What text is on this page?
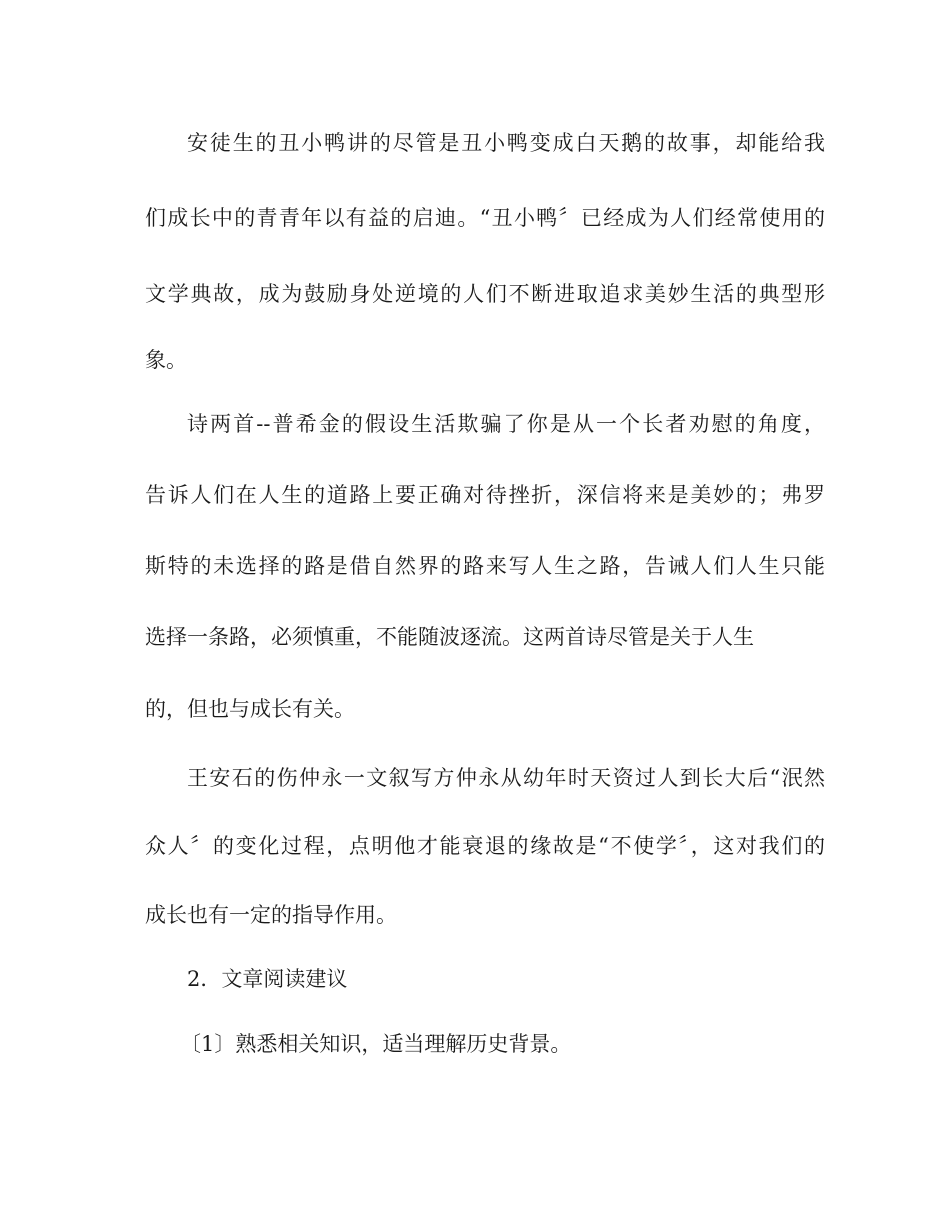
安徒生的丑小鸭讲的尽管是丑小鸭变成白天鹅的故事，却能给我
们成长中的青青年以有益的启迪。“丑小鸭〞已经成为人们经常使用的
文学典故，成为鼓励身处逆境的人们不断进取追求美妙生活的典型形
象。
诗两首--普希金的假设生活欺骗了你是从一个长者劝慰的角度，
告诉人们在人生的道路上要正确对待挫折，深信将来是美妙的；弗罗
斯特的未选择的路是借自然界的路来写人生之路，告诫人们人生只能
选择一条路，必须慎重，不能随波逐流。这两首诗尽管是关于人生
的，但也与成长有关。
王安石的伤仲永一文叙写方仲永从幼年时天资过人到长大后“泯然
众人〞的变化过程，点明他才能衰退的缘故是“不使学〞，这对我们的
成长也有一定的指导作用。
2．文章阅读建议
〔1〕熟悉相关知识，适当理解历史背景。
